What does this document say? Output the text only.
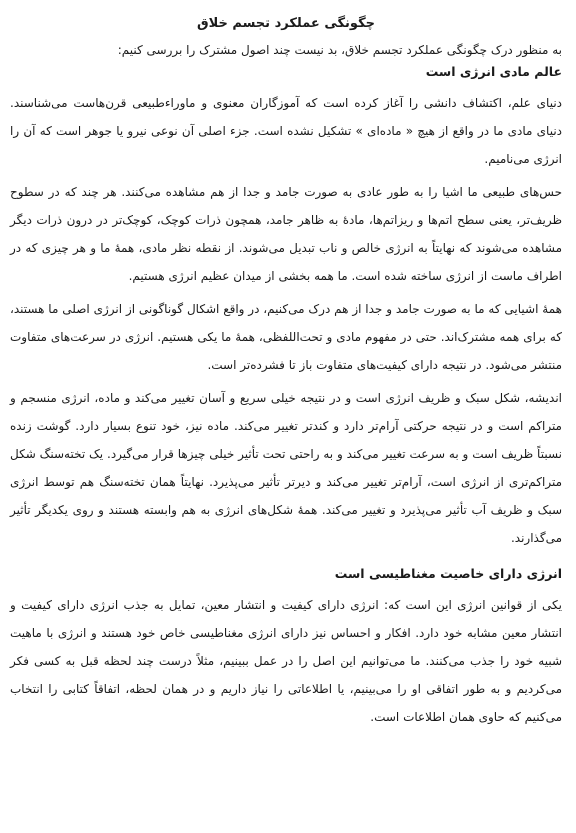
چگونگی عملکرد تجسم خلاق

به منظور درک چگونگی عملکرد تجسم خلاق، بد نیست چند اصول مشترک را بررسی کنیم:

عالم مادی انرژی است

دنیای علم، اکتشاف دانشی را آغاز کرده است که آموزگاران معنوی و ماوراءطبیعی قرن‌هاست می‌شناسند. دنیای مادی ما در واقع از هیچ « ماده‌ای » تشکیل نشده است. جزء اصلی آن نوعی نیرو یا جوهر است که آن را انرژی می‌نامیم.

حس‌های طبیعی ما اشیا را به طور عادی به صورت جامد و جدا از هم مشاهده می‌کنند. هر چند که در سطوح ظریف‌تر، یعنی سطح اتم‌ها و ریزاتم‌ها، مادهٔ به ظاهر جامد، همچون ذرات کوچک، کوچک‌تر در درون ذرات دیگر مشاهده می‌شوند که نهایتاً به انرژی خالص و ناب تبدیل می‌شوند. از نقطه نظر مادی، همهٔ ما و هر چیزی که در اطراف ماست از انرژی ساخته شده است. ما همه بخشی از میدان عظیم انرژی هستیم.

همهٔ اشیایی که ما به صورت جامد و جدا از هم درک می‌کنیم، در واقع اشکال گوناگونی از انرژی اصلی ما هستند، که برای همه مشترک‌اند. حتی در مفهوم مادی و تحت‌اللفظی، همهٔ ما یکی هستیم. انرژی در سرعت‌های متفاوت منتشر می‌شود. در نتیجه دارای کیفیت‌های متفاوت باز تا فشرده‌تر است.

اندیشه، شکل سبک و ظریف انرژی است و در نتیجه خیلی سریع و آسان تغییر می‌کند و ماده، انرژی منسجم و متراکم است و در نتیجه حرکتی آرام‌تر دارد و کندتر تغییر می‌کند. ماده نیز، خود تنوع بسیار دارد. گوشت زنده نسبتاً ظریف است و به سرعت تغییر می‌کند و به راحتی تحت تأثیر خیلی چیزها قرار می‌گیرد. یک تخته‌سنگ شکل متراکم‌تری از انرژی است، آرام‌تر تغییر می‌کند و دیرتر تأثیر می‌پذیرد. نهایتاً همان تخته‌سنگ هم توسط انرژی سبک و ظریف آب تأثیر می‌پذیرد و تغییر می‌کند. همهٔ شکل‌های انرژی به هم وابسته هستند و روی یکدیگر تأثیر می‌گذارند.

انرژی دارای خاصیت مغناطیسی است

یکی از قوانین انرژی این است که: انرژی دارای کیفیت و انتشار معین، تمایل به جذب انرژی دارای کیفیت و انتشار معین مشابه خود دارد. افکار و احساس نیز دارای انرژی مغناطیسی خاص خود هستند و انرژی با ماهیت شبیه خود را جذب می‌کنند. ما می‌توانیم این اصل را در عمل ببینیم، مثلاً درست چند لحظه قبل به کسی فکر می‌کردیم و به طور اتفاقی او را می‌بینیم، یا اطلاعاتی را نیاز داریم و در همان لحظه، اتفاقاً کتابی را انتخاب می‌کنیم که حاوی همان اطلاعات است.
